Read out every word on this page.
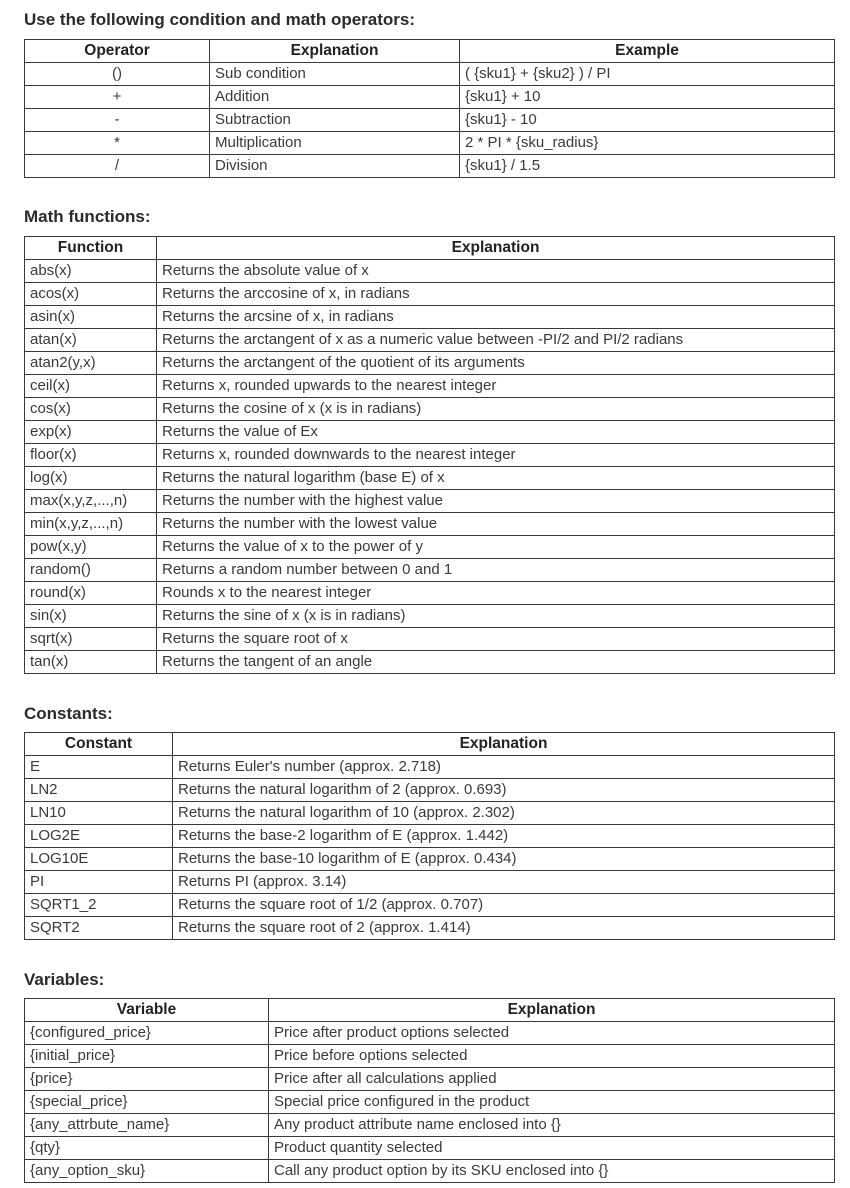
Use the following condition and math operators:
Operator	Explanation	Example
()	Sub condition	( {sku1} + {sku2} ) / PI
+	Addition	{sku1} + 10
-	Subtraction	{sku1} - 10
*	Multiplication	2 * PI * {sku_radius}
/	Division	{sku1} / 1.5
Math functions:
Function	Explanation
abs(x)	Returns the absolute value of x
acos(x)	Returns the arccosine of x, in radians
asin(x)	Returns the arcsine of x, in radians
atan(x)	Returns the arctangent of x as a numeric value between -PI/2 and PI/2 radians
atan2(y,x)	Returns the arctangent of the quotient of its arguments
ceil(x)	Returns x, rounded upwards to the nearest integer
cos(x)	Returns the cosine of x (x is in radians)
exp(x)	Returns the value of Ex
floor(x)	Returns x, rounded downwards to the nearest integer
log(x)	Returns the natural logarithm (base E) of x
max(x,y,z,...,n)	Returns the number with the highest value
min(x,y,z,...,n)	Returns the number with the lowest value
pow(x,y)	Returns the value of x to the power of y
random()	Returns a random number between 0 and 1
round(x)	Rounds x to the nearest integer
sin(x)	Returns the sine of x (x is in radians)
sqrt(x)	Returns the square root of x
tan(x)	Returns the tangent of an angle
Constants:
Constant	Explanation
E	Returns Euler's number (approx. 2.718)
LN2	Returns the natural logarithm of 2 (approx. 0.693)
LN10	Returns the natural logarithm of 10 (approx. 2.302)
LOG2E	Returns the base-2 logarithm of E (approx. 1.442)
LOG10E	Returns the base-10 logarithm of E (approx. 0.434)
PI	Returns PI (approx. 3.14)
SQRT1_2	Returns the square root of 1/2 (approx. 0.707)
SQRT2	Returns the square root of 2 (approx. 1.414)
Variables:
Variable	Explanation
{configured_price}	Price after product options selected
{initial_price}	Price before options selected
{price}	Price after all calculations applied
{special_price}	Special price configured in the product
{any_attrbute_name}	Any product attribute name enclosed into {}
{qty}	Product quantity selected
{any_option_sku}	Call any product option by its SKU enclosed into {}
